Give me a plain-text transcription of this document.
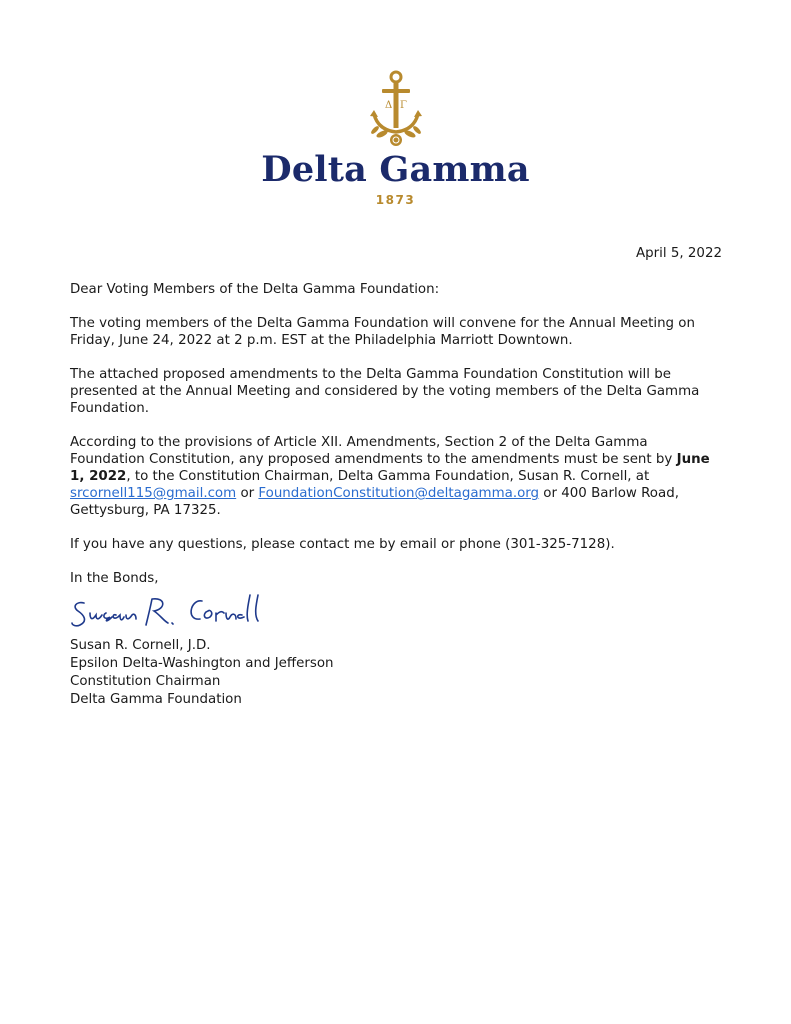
Δ Γ
Delta Gamma
1873
April 5, 2022

Dear Voting Members of the Delta Gamma Foundation:

The voting members of the Delta Gamma Foundation will convene for the Annual Meeting on Friday, June 24, 2022 at 2 p.m. EST at the Philadelphia Marriott Downtown.

The attached proposed amendments to the Delta Gamma Foundation Constitution will be presented at the Annual Meeting and considered by the voting members of the Delta Gamma Foundation.

According to the provisions of Article XII. Amendments, Section 2 of the Delta Gamma Foundation Constitution, any proposed amendments to the amendments must be sent by June 1, 2022, to the Constitution Chairman, Delta Gamma Foundation, Susan R. Cornell, at srcornell115@gmail.com or FoundationConstitution@deltagamma.org or 400 Barlow Road, Gettysburg, PA 17325.

If you have any questions, please contact me by email or phone (301-325-7128).

In the Bonds,
Susan R. Cornell, J.D.
Epsilon Delta-Washington and Jefferson
Constitution Chairman
Delta Gamma Foundation
